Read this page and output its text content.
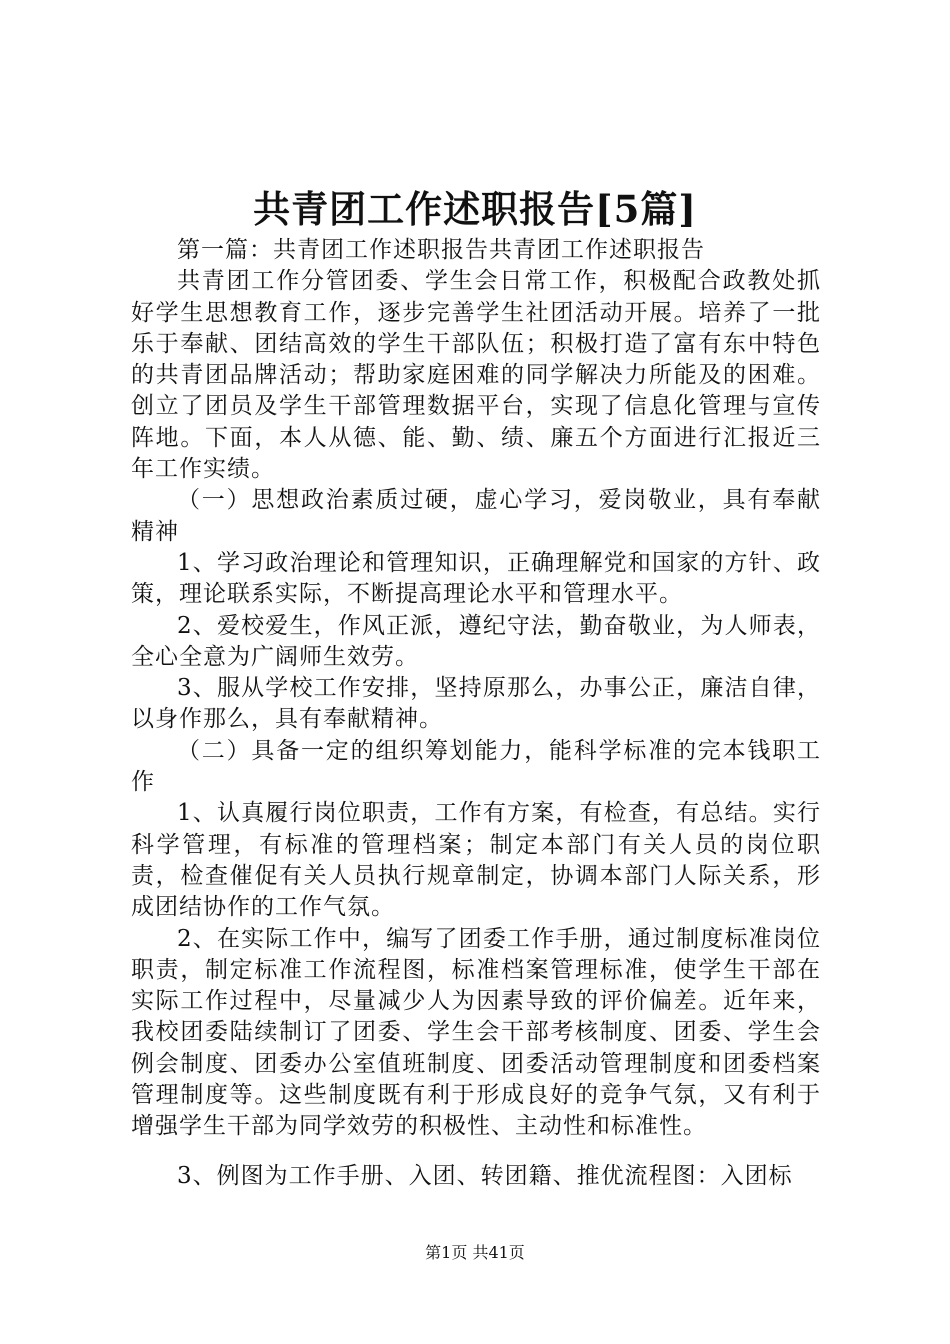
共青团工作述职报告[5篇]

第一篇：共青团工作述职报告共青团工作述职报告

共青团工作分管团委、学生会日常工作，积极配合政教处抓好学生思想教育工作，逐步完善学生社团活动开展。培养了一批乐于奉献、团结高效的学生干部队伍；积极打造了富有东中特色的共青团品牌活动；帮助家庭困难的同学解决力所能及的困难。创立了团员及学生干部管理数据平台，实现了信息化管理与宣传阵地。下面，本人从德、能、勤、绩、廉五个方面进行汇报近三年工作实绩。

（一）思想政治素质过硬，虚心学习，爱岗敬业，具有奉献精神

1、学习政治理论和管理知识，正确理解党和国家的方针、政策，理论联系实际，不断提高理论水平和管理水平。

2、爱校爱生，作风正派，遵纪守法，勤奋敬业，为人师表，全心全意为广阔师生效劳。

3、服从学校工作安排，坚持原那么，办事公正，廉洁自律，以身作那么，具有奉献精神。

（二）具备一定的组织筹划能力，能科学标准的完本钱职工作

1、认真履行岗位职责，工作有方案，有检查，有总结。实行科学管理，有标准的管理档案；制定本部门有关人员的岗位职责，检查催促有关人员执行规章制定，协调本部门人际关系，形成团结协作的工作气氛。

2、在实际工作中，编写了团委工作手册，通过制度标准岗位职责，制定标准工作流程图，标准档案管理标准，使学生干部在实际工作过程中，尽量减少人为因素导致的评价偏差。近年来，我校团委陆续制订了团委、学生会干部考核制度、团委、学生会例会制度、团委办公室值班制度、团委活动管理制度和团委档案管理制度等。这些制度既有利于形成良好的竞争气氛，又有利于增强学生干部为同学效劳的积极性、主动性和标准性。

3、例图为工作手册、入团、转团籍、推优流程图：入团标

第1页 共41页
